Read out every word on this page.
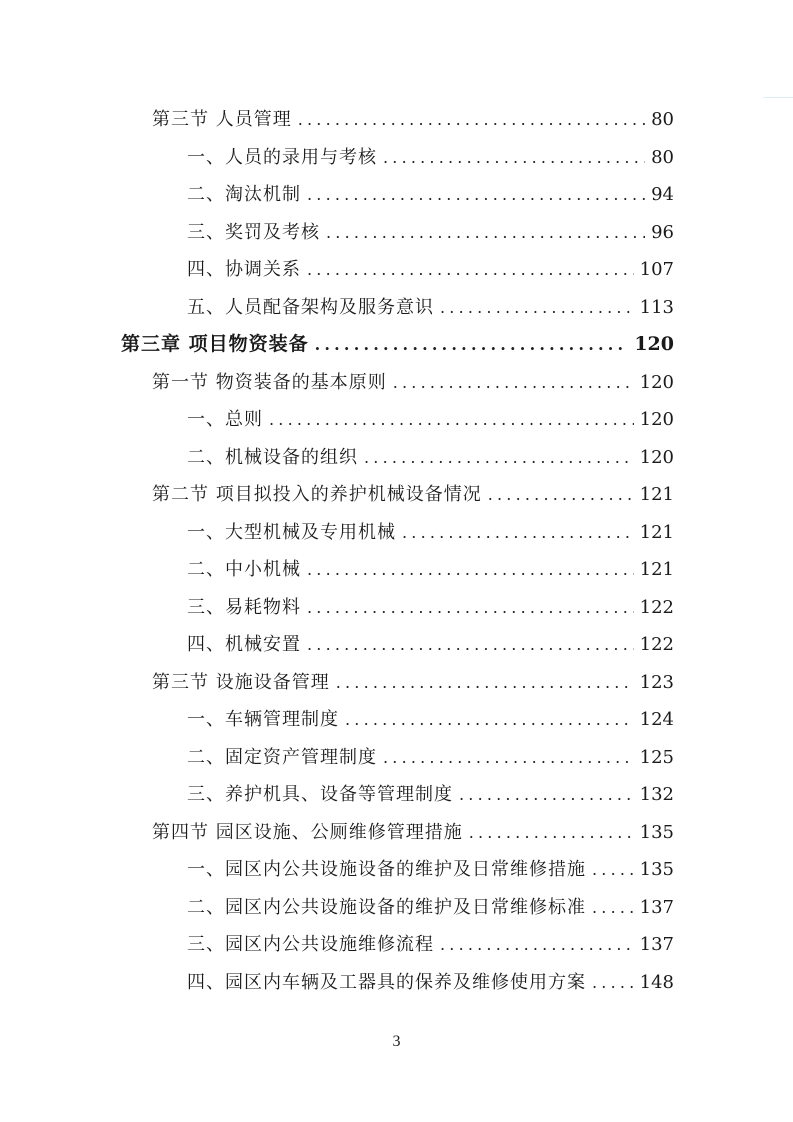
第三节 人员管理 .....	80
一、人员的录用与考核 .....	80
二、淘汰机制 .....	94
三、奖罚及考核 .....	96
四、协调关系 .....	107
五、人员配备架构及服务意识 .....	113
第三章 项目物资装备 .....	120
第一节 物资装备的基本原则 .....	120
一、总则 .....	120
二、机械设备的组织 .....	120
第二节 项目拟投入的养护机械设备情况 .....	121
一、大型机械及专用机械 .....	121
二、中小机械 .....	121
三、易耗物料 .....	122
四、机械安置 .....	122
第三节 设施设备管理 .....	123
一、车辆管理制度 .....	124
二、固定资产管理制度 .....	125
三、养护机具、设备等管理制度 .....	132
第四节 园区设施、公厕维修管理措施 .....	135
一、园区内公共设施设备的维护及日常维修措施 .....	135
二、园区内公共设施设备的维护及日常维修标准 .....	137
三、园区内公共设施维修流程 .....	137
四、园区内车辆及工器具的保养及维修使用方案 .....	148
3
